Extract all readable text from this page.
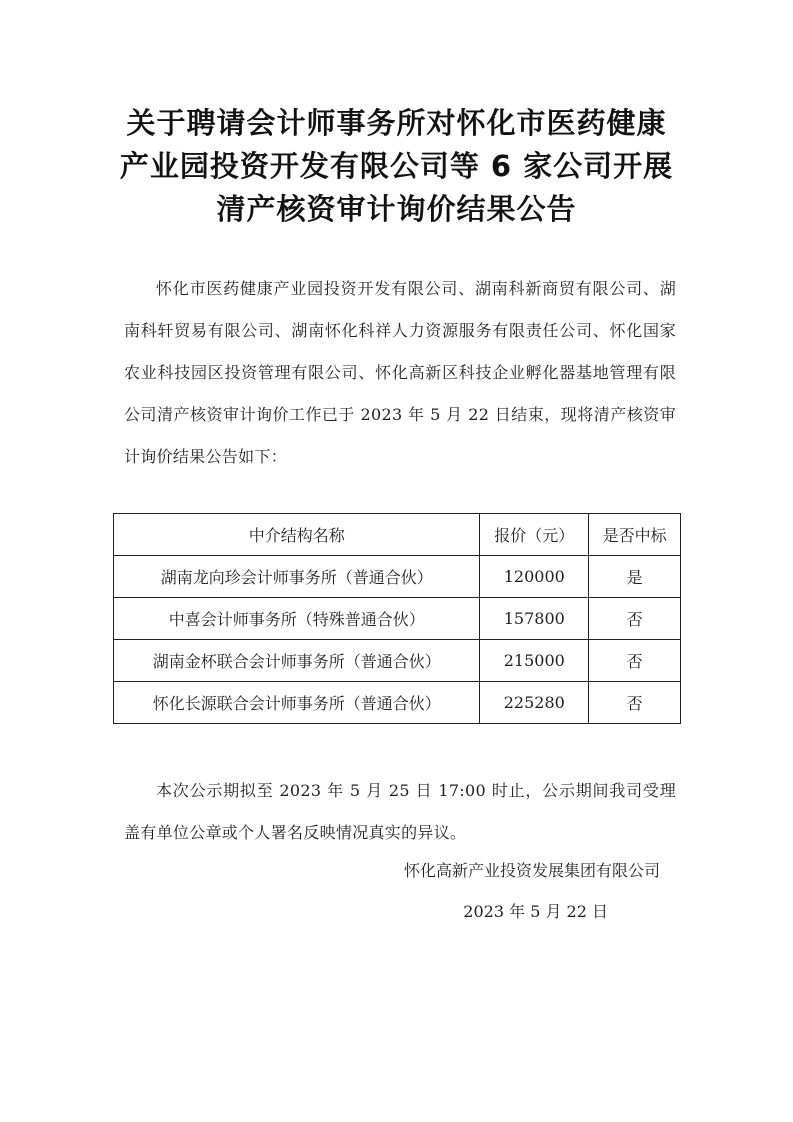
关于聘请会计师事务所对怀化市医药健康
产业园投资开发有限公司等 6 家公司开展
清产核资审计询价结果公告

怀化市医药健康产业园投资开发有限公司、湖南科新商贸有限公司、湖南科轩贸易有限公司、湖南怀化科祥人力资源服务有限责任公司、怀化国家农业科技园区投资管理有限公司、怀化高新区科技企业孵化器基地管理有限公司清产核资审计询价工作已于 2023 年 5 月 22 日结束，现将清产核资审计询价结果公告如下：

中介结构名称	报价（元）	是否中标
湖南龙向珍会计师事务所（普通合伙）	120000	是
中喜会计师事务所（特殊普通合伙）	157800	否
湖南金杯联合会计师事务所（普通合伙）	215000	否
怀化长源联合会计师事务所（普通合伙）	225280	否

本次公示期拟至 2023 年 5 月 25 日 17:00 时止，公示期间我司受理盖有单位公章或个人署名反映情况真实的异议。

怀化高新产业投资发展集团有限公司

2023 年 5 月 22 日
